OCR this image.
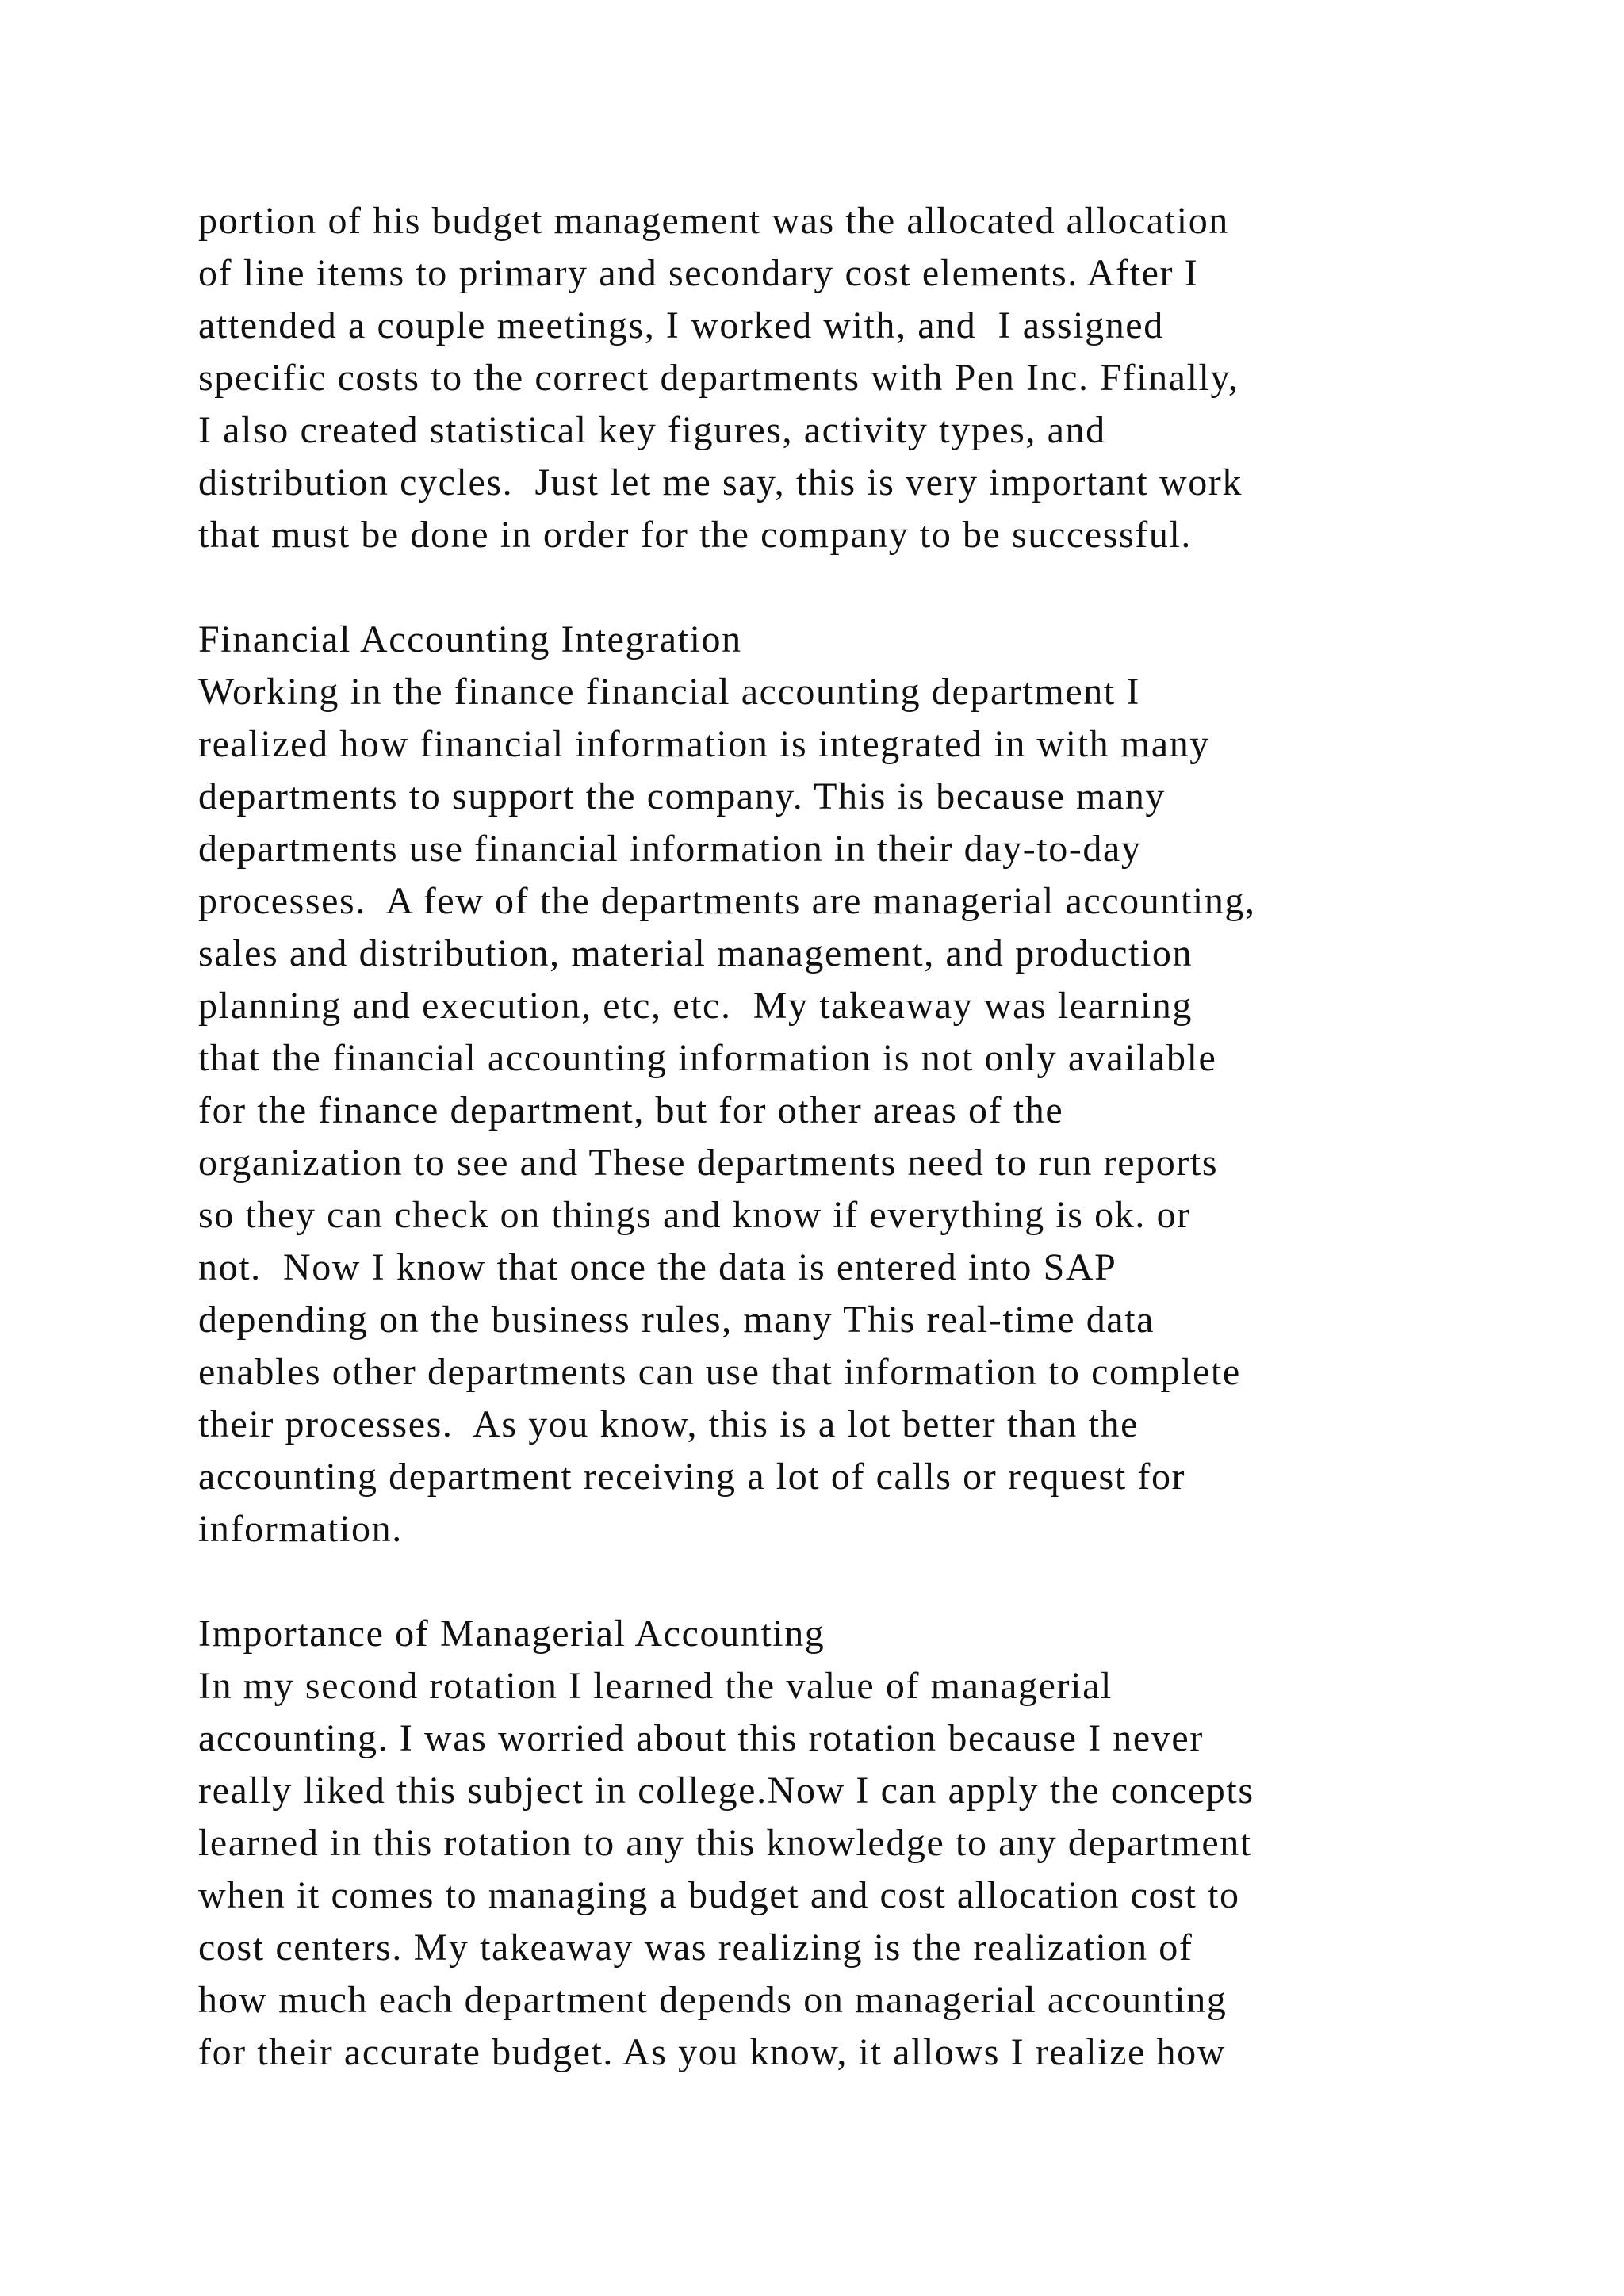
portion of his budget management was the allocated allocation
of line items to primary and secondary cost elements. After I
attended a couple meetings, I worked with, and  I assigned
specific costs to the correct departments with Pen Inc. Ffinally,
I also created statistical key figures, activity types, and
distribution cycles.  Just let me say, this is very important work
that must be done in order for the company to be successful.
Financial Accounting Integration
Working in the finance financial accounting department I
realized how financial information is integrated in with many
departments to support the company. This is because many
departments use financial information in their day-to-day
processes.  A few of the departments are managerial accounting,
sales and distribution, material management, and production
planning and execution, etc, etc.  My takeaway was learning
that the financial accounting information is not only available
for the finance department, but for other areas of the
organization to see and These departments need to run reports
so they can check on things and know if everything is ok. or
not.  Now I know that once the data is entered into SAP
depending on the business rules, many This real-time data
enables other departments can use that information to complete
their processes.  As you know, this is a lot better than the
accounting department receiving a lot of calls or request for
information.
Importance of Managerial Accounting
In my second rotation I learned the value of managerial
accounting. I was worried about this rotation because I never
really liked this subject in college.Now I can apply the concepts
learned in this rotation to any this knowledge to any department
when it comes to managing a budget and cost allocation cost to
cost centers. My takeaway was realizing is the realization of
how much each department depends on managerial accounting
for their accurate budget. As you know, it allows I realize how
